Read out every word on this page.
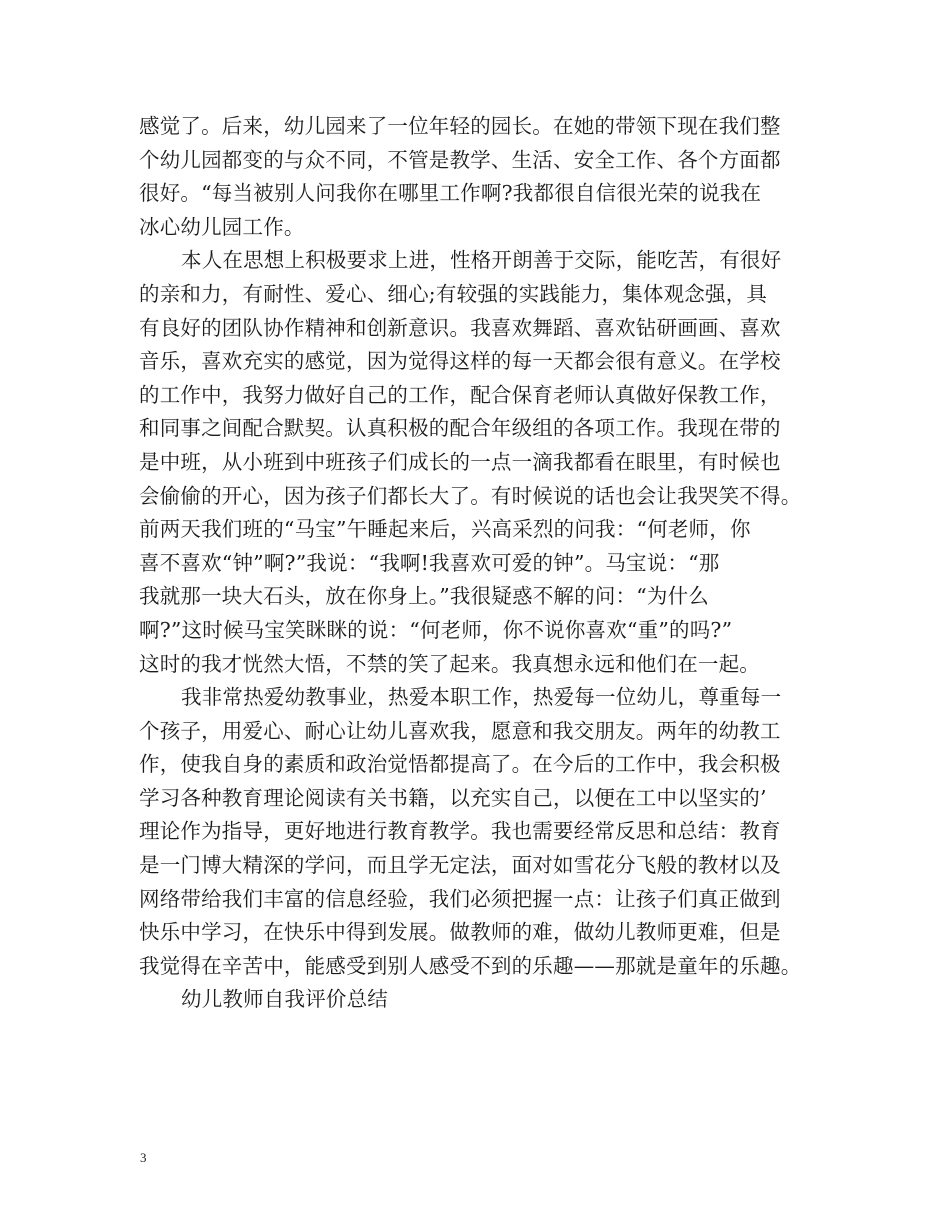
感觉了。后来，幼儿园来了一位年轻的园长。在她的带领下现在我们整
个幼儿园都变的与众不同，不管是教学、生活、安全工作、各个方面都
很好。“每当被别人问我你在哪里工作啊?我都很自信很光荣的说我在
冰心幼儿园工作。
本人在思想上积极要求上进，性格开朗善于交际，能吃苦，有很好
的亲和力，有耐性、爱心、细心;有较强的实践能力，集体观念强，具
有良好的团队协作精神和创新意识。我喜欢舞蹈、喜欢钻研画画、喜欢
音乐，喜欢充实的感觉，因为觉得这样的每一天都会很有意义。在学校
的工作中，我努力做好自己的工作，配合保育老师认真做好保教工作，
和同事之间配合默契。认真积极的配合年级组的各项工作。我现在带的
是中班，从小班到中班孩子们成长的一点一滴我都看在眼里，有时候也
会偷偷的开心，因为孩子们都长大了。有时候说的话也会让我哭笑不得。
前两天我们班的“马宝”午睡起来后，兴高采烈的问我：“何老师，你
喜不喜欢“钟”啊?”我说：“我啊!我喜欢可爱的钟”。马宝说：“那
我就那一块大石头，放在你身上。”我很疑惑不解的问：“为什么
啊?”这时候马宝笑眯眯的说：“何老师，你不说你喜欢“重”的吗?”
这时的我才恍然大悟，不禁的笑了起来。我真想永远和他们在一起。
我非常热爱幼教事业，热爱本职工作，热爱每一位幼儿，尊重每一
个孩子，用爱心、耐心让幼儿喜欢我，愿意和我交朋友。两年的幼教工
作，使我自身的素质和政治觉悟都提高了。在今后的工作中，我会积极
学习各种教育理论阅读有关书籍，以充实自己，以便在工中以坚实的’
理论作为指导，更好地进行教育教学。我也需要经常反思和总结：教育
是一门博大精深的学问，而且学无定法，面对如雪花分飞般的教材以及
网络带给我们丰富的信息经验，我们必须把握一点：让孩子们真正做到
快乐中学习，在快乐中得到发展。做教师的难，做幼儿教师更难，但是
我觉得在辛苦中，能感受到别人感受不到的乐趣——那就是童年的乐趣。
幼儿教师自我评价总结
3
